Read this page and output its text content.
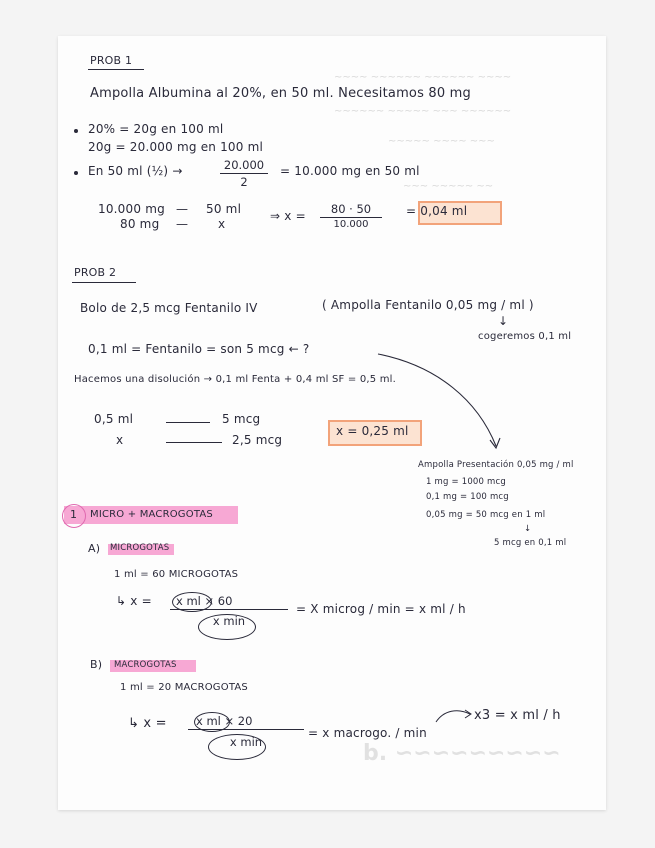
~~~~ ~~~~~~ ~~~~~~ ~~~~
~~~~~~ ~~~~~ ~~~ ~~~~~~
~~~~~ ~~~~ ~~~
~~~ ~~~~~ ~~
~~~~~~~~~ .d
PROB 1
Ampolla Albumina al 20%, en 50 ml. Necesitamos 80 mg
20% = 20g en 100 ml
20g = 20.000 mg en 100 ml
En 50 ml (½) →	20.000
2
= 10.000 mg en 50 ml
10.000 mg — 50 ml
80 mg — x
⇒ x =	80 · 50
10.000
= 0,04 ml
PROB 2
Bolo de 2,5 mcg Fentanilo IV	( Ampolla Fentanilo 0,05 mg / ml )
↓
cogeremos 0,1 ml
0,1 ml = Fentanilo = son 5 mcg ← ?
Hacemos una disolución → 0,1 ml Fenta + 0,4 ml SF = 0,5 ml.
0,5 ml	5 mcg
x	2,5 mcg
x = 0,25 ml
Ampolla Presentación 0,05 mg / ml
1 mg = 1000 mcg
0,1 mg = 100 mcg
0,05 mg = 50 mcg en 1 ml
↓
5 mcg en 0,1 ml
1 MICRO + MACROGOTAS
A) MICROGOTAS
1 ml = 60 MICROGOTAS
↳ x =	x ml × 60
x min
= X microg / min = x ml / h
B) MACROGOTAS
1 ml = 20 MACROGOTAS
↳ x =	x ml × 20
x min
= x macrogo. / min
x3 = x ml / h
